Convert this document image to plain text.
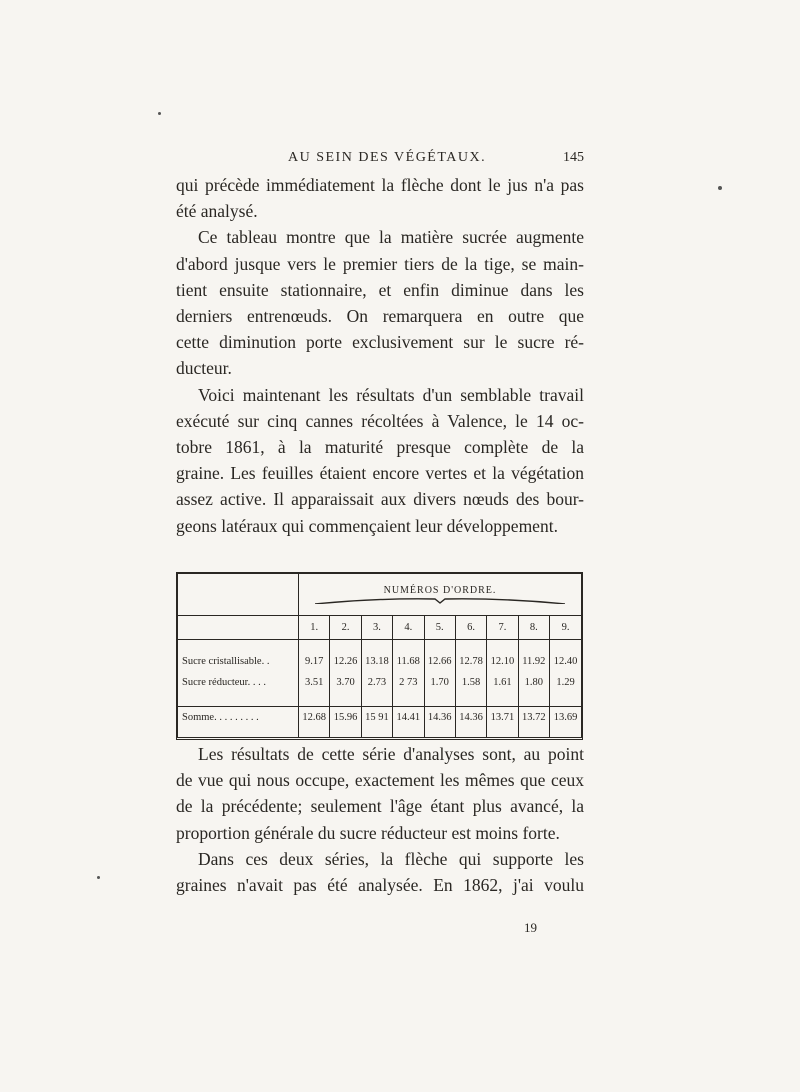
AU SEIN DES VÉGÉTAUX.	145

qui précède immédiatement la flèche dont le jus n'a pas

été analysé.

Ce tableau montre que la matière sucrée augmente

d'abord jusque vers le premier tiers de la tige, se main-

tient ensuite stationnaire, et enfin diminue dans les

derniers entrenœuds. On remarquera en outre que

cette diminution porte exclusivement sur le sucre ré-

ducteur.

Voici maintenant les résultats d'un semblable travail

exécuté sur cinq cannes récoltées à Valence, le 14 oc-

tobre 1861, à la maturité presque complète de la

graine. Les feuilles étaient encore vertes et la végétation

assez active. Il apparaissait aux divers nœuds des bour-

geons latéraux qui commençaient leur développement.

	NUMÉROS D'ORDRE.								

	1.	2.	3.	4.	5.	6.	7.	8.	9.

Sucre cristallisable. .	9.17	12.26	13.18	11.68	12.66	12.78	12.10	11.92	12.40
Sucre réducteur. . . .	3.51	3.70	2.73	2 73	1.70	1.58	1.61	1.80	1.29

Somme. . . . . . . . .	12.68	15.96	15 91	14.41	14.36	14.36	13.71	13.72	13.69

Les résultats de cette série d'analyses sont, au point

de vue qui nous occupe, exactement les mêmes que ceux

de la précédente; seulement l'âge étant plus avancé, la

proportion générale du sucre réducteur est moins forte.

Dans ces deux séries, la flèche qui supporte les

graines n'avait pas été analysée. En 1862, j'ai voulu

19
